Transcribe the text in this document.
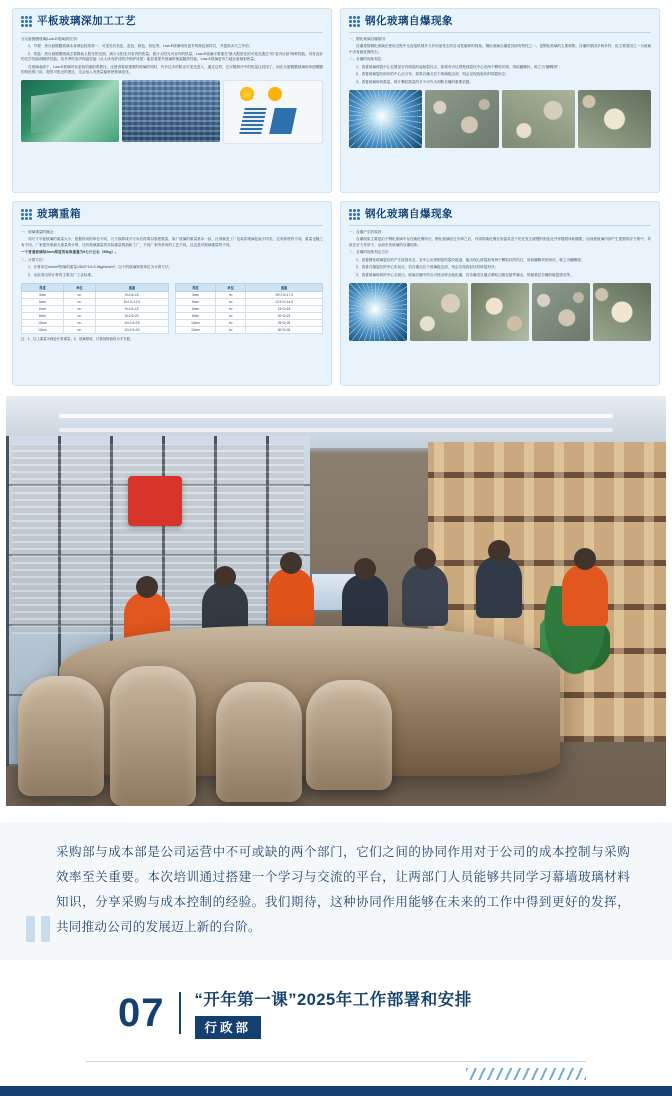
平板玻璃深加工工艺

当反射镀膜玻璃(Low-E玻璃)的区别：

1、外观：热反射镀膜玻璃本身颜色较浓厚一、可见光有灰色、蓝色、绿色、棕色等，Low-E玻璃则有更多的颜色和样式，并提高多次之外的。

2、性能：热反射镀膜玻璃主要降低太阳光的光照，减少太阳光对室内的热量，做少太阳光对室内的热量，Low-E玻璃可着重在"最大限度化的可见光透过"和"室内反射"两种性能，具有良好的光学性能和隔热性能。其冬季的室内保温性能（从人体有舒适的冷热舒适度）能显著提升玻璃的保温隔热性能，Low-E玻璃更有力地反射辐射热量。

在玻璃表面下，Low-E玻璃具有更低的遮阳系数比，这使得看似透明的玻璃的同时，许多过多的阳光可见光进入，通过这些，它可限制冷中的热量让封闭了。而在反射镀膜玻璃和单面镀膜的较低的门用，提供可见光的透过，这会低人发热量能够使玻璃变化。

钢化玻璃自爆现象

一、钢化玻璃自爆原因：

自爆是指钢化玻璃在使用过程中无直接机械外力作用而发生的自动性破碎的现象。钢化玻璃自爆是其固有特性之一，是钢化玻璃的主要缺陷，自爆的原因多种多样，但主要原因之一为玻璃中含有硫化镍结石。

二、自爆的现象判定：

1、查看玻璃碎裂中心位置是否有明显的起始裂纹点，如果有可以观察到裂纹中心有两个颗粒状物，形似蝴蝶状，称之为"蝴蝶斑"；

2、查看玻璃裂纹形状的中心点分布，如果自爆点位于玻璃板边部，则会呈现放射状的碎裂形态；

3、查看玻璃碎块数量，碎片颗粒数量的多少可作为判断自爆的重要依据。

玻璃重箱

一、玻璃重量的概念：

同尺寸平板玻璃的重量大小，根据所用的单位不同，尺寸换算成平方米后再乘以厚度数量，原厂玻璃的重量基本一致，区别就是工厂包装的玻璃包装不同类，还有厚度的不同，重量也随之有不同。厂家把所需最大重量的计算，还有玻璃重量的实际重量数值和工厂、不同厂家所采用的工艺不同，这也是对玻璃重量的不同。

一个普通玻璃每2mm厚度的标准重量为5公斤左右（50kg）。

二、计算方法：

1、计算单位mm/m²玻璃的重量=50/2*10=2.5kg/mm/m²，以个的玻璃厚度单位为计算方法；

2、由此得出所计算的主要出厂工业标准。

厚度	单位	重量
3mm	m²	6×2.5=15
5mm	m²	5×2.5=12.5
6mm	m²	6×2.5=15
8mm	m²	8×2.5=20
10mm	m²	10×2.5=25
12mm	m²	12×2.5=30
厚度	单位	重量
3mm	m²	15+2.5=17.5
5mm	m²	12.5+2=14.5
6mm	m²	15+3=18
8mm	m²	20+3=23
10mm	m²	25+3=28
12mm	m²	30+3=33
注：1、以上重量为理论计算重量；2、玻璃厚度、计算规格值均为平方数。
钢化玻璃自爆现象

一、自爆产生的原因：

自爆现象主要是由于钢化玻璃中存在硫化镍结石，钢化玻璃经过冷却之后，内部的硫化镍在常温状态下仍在发生缓慢的相变化并伴随着体积膨胀，因而使玻璃内部产生很强的应力集中，导致在应力作用下，从而引发玻璃的自爆现象。

二、自爆的现象判定方法：

1、查看钢化玻璃裂纹的产生原因状态，若中心出现明显的裂纹痕迹，能出现心碎裂痕有两个颗粒状的结石，形似蝴蝶状的形状，称之为蝴蝶斑；

2、查看自爆裂纹的中心布局点，若自爆点位于玻璃板边部，则会呈现放射状的碎裂形状；

3、查看玻璃碎块的中心无面凸，玻璃自爆中的点可使点碎点就化爆，若各爆发自爆点紧贴边缘在板件爆点，则最基层自爆的破裂情况等。

采购部与成本部是公司运营中不可或缺的两个部门，它们之间的协同作用对于公司的成本控制与采购效率至关重要。本次培训通过搭建一个学习与交流的平台，让两部门人员能够共同学习幕墙玻璃材料知识，分享采购与成本控制的经验。我们期待，这种协同作用能够在未来的工作中得到更好的发挥，共同推动公司的发展迈上新的台阶。
07 “开年第一课”2025年工作部署和安排
行政部
